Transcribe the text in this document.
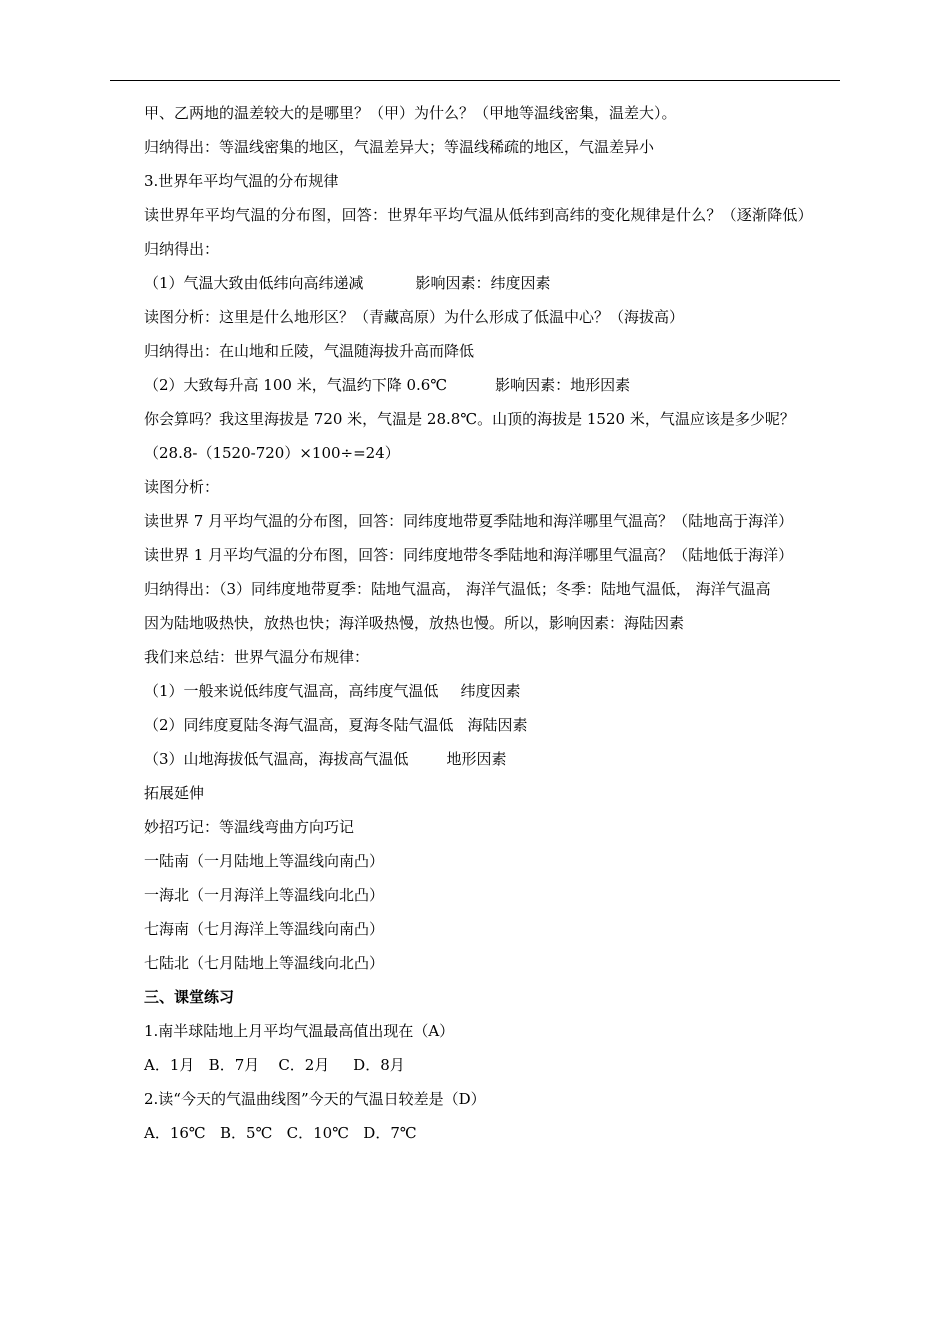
甲、乙两地的温差较大的是哪里？（甲）为什么？（甲地等温线密集，温差大）。

归纳得出：等温线密集的地区，气温差异大；等温线稀疏的地区，气温差异小

3.世界年平均气温的分布规律

读世界年平均气温的分布图，回答：世界年平均气温从低纬到高纬的变化规律是什么？（逐渐降低）

归纳得出：

（1）气温大致由低纬向高纬递减	影响因素：纬度因素

读图分析：这里是什么地形区？（青藏高原）为什么形成了低温中心？（海拔高）

归纳得出：在山地和丘陵，气温随海拔升高而降低

（2）大致每升高 100 米，气温约下降 0.6℃	影响因素：地形因素

你会算吗？我这里海拔是 720 米，气温是 28.8℃。山顶的海拔是 1520 米，气温应该是多少呢？

（28.8-（1520-720）×100÷=24）

读图分析：

读世界 7 月平均气温的分布图，回答：同纬度地带夏季陆地和海洋哪里气温高？（陆地高于海洋）

读世界 1 月平均气温的分布图，回答：同纬度地带冬季陆地和海洋哪里气温高？（陆地低于海洋）

归纳得出：（3）同纬度地带夏季：陆地气温高， 海洋气温低；冬季：陆地气温低， 海洋气温高

因为陆地吸热快，放热也快；海洋吸热慢，放热也慢。所以，影响因素：海陆因素

我们来总结：世界气温分布规律：

（1）一般来说低纬度气温高，高纬度气温低 纬度因素

（2）同纬度夏陆冬海气温高，夏海冬陆气温低 海陆因素

（3）山地海拔低气温高，海拔高气温低	地形因素

拓展延伸

妙招巧记：等温线弯曲方向巧记

一陆南（一月陆地上等温线向南凸）

一海北（一月海洋上等温线向北凸）

七海南（七月海洋上等温线向南凸）

七陆北（七月陆地上等温线向北凸）

三、课堂练习

1.南半球陆地上月平均气温最高值出现在（A）

A．1月   B．7月    C．2月     D．8月

2.读“今天的气温曲线图”今天的气温日较差是（D）

A．16℃   B．5℃   C．10℃   D．7℃
